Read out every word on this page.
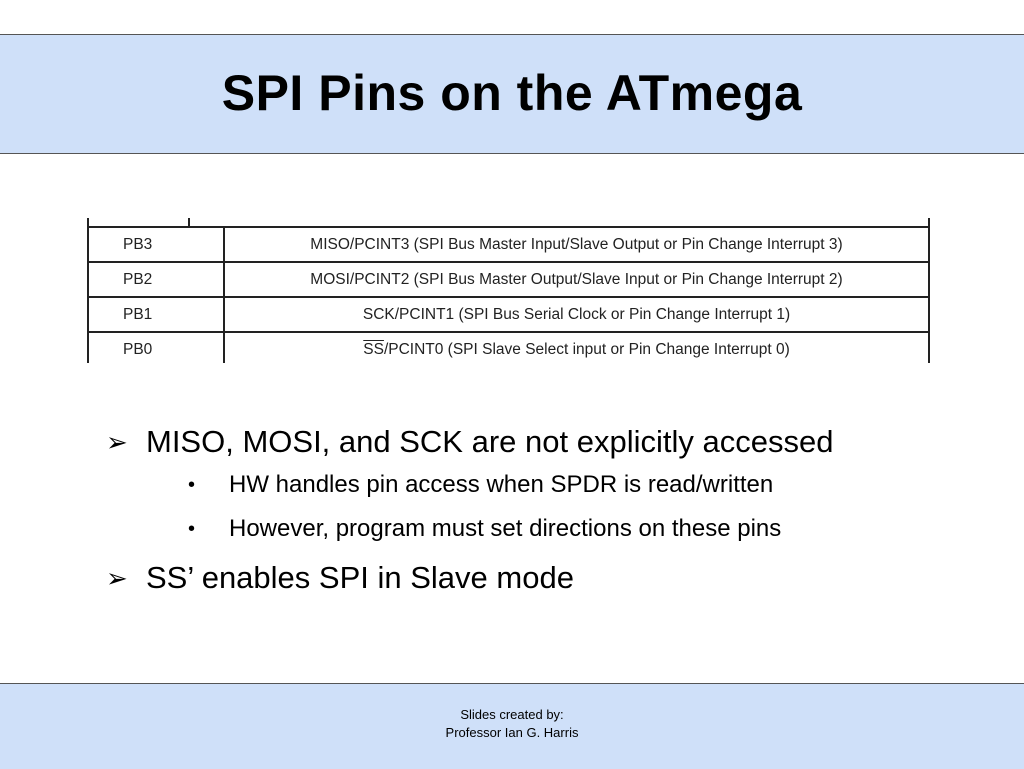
SPI Pins on the ATmega
PB3	MISO/PCINT3 (SPI Bus Master Input/Slave Output or Pin Change Interrupt 3)
PB2	MOSI/PCINT2 (SPI Bus Master Output/Slave Input or Pin Change Interrupt 2)
PB1	SCK/PCINT1 (SPI Bus Serial Clock or Pin Change Interrupt 1)
PB0	$\overline{SS}/PCINT0$ (SPI Slave Select input or Pin Change Interrupt 0)
➢ MISO, MOSI, and SCK are not explicitly accessed
• HW handles pin access when SPDR is read/written
• However, program must set directions on these pins
➢ SS’ enables SPI in Slave mode
Slides created by:
Professor Ian G. Harris
